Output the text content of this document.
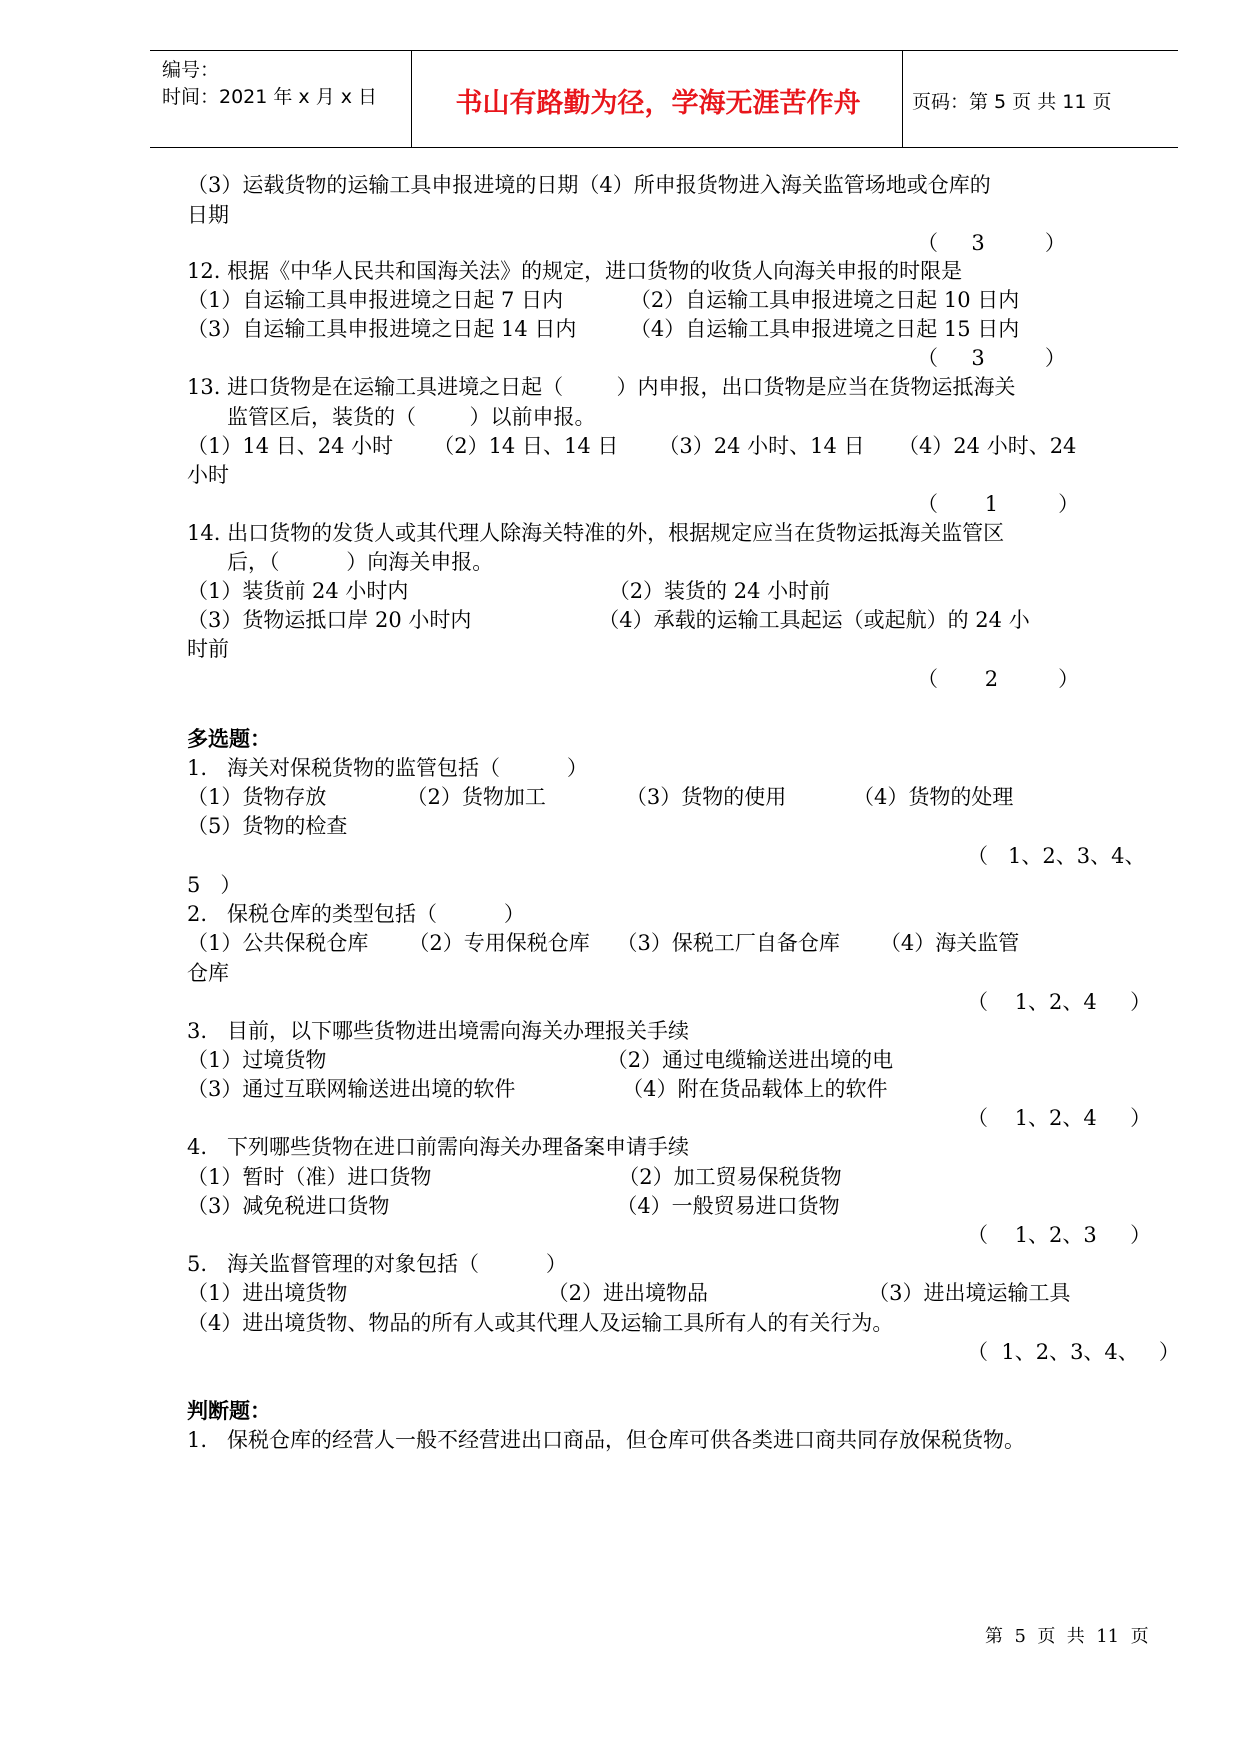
编号：
时间：2021 年 x 月 x 日	书山有路勤为径，学海无涯苦作舟	页码：第 5 页 共 11 页
（3）运载货物的运输工具申报进境的日期（4）所申报货物进入海关监管场地或仓库的
日期
（     3         ）
12. 根据《中华人民共和国海关法》的规定，进口货物的收货人向海关申报的时限是
（1）自运输工具申报进境之日起 7 日内          （2）自运输工具申报进境之日起 10 日内
（3）自运输工具申报进境之日起 14 日内        （4）自运输工具申报进境之日起 15 日内
（     3         ）
13. 进口货物是在运输工具进境之日起（        ）内申报，出口货物是应当在货物运抵海关
监管区后，装货的（        ）以前申报。
（1）14 日、24 小时      （2）14 日、14 日      （3）24 小时、14 日     （4）24 小时、24
小时
（       1         ）
14. 出口货物的发货人或其代理人除海关特准的外，根据规定应当在货物运抵海关监管区
后，（          ）向海关申报。
（1）装货前 24 小时内                              （2）装货的 24 小时前
（3）货物运抵口岸 20 小时内                   （4）承载的运输工具起运（或起航）的 24 小
时前
（       2         ）
多选题：
1.   海关对保税货物的监管包括（          ）
（1）货物存放            （2）货物加工            （3）货物的使用          （4）货物的处理
（5）货物的检查
（   1、2、3、4、
5   ）
2.   保税仓库的类型包括（          ）
（1）公共保税仓库      （2）专用保税仓库    （3）保税工厂自备仓库      （4）海关监管
仓库
（    1、2、4     ）
3.   目前，以下哪些货物进出境需向海关办理报关手续
（1）过境货物                                          （2）通过电缆输送进出境的电
（3）通过互联网输送进出境的软件                （4）附在货品载体上的软件
（    1、2、4     ）
4.   下列哪些货物在进口前需向海关办理备案申请手续
（1）暂时（准）进口货物                            （2）加工贸易保税货物
（3）减免税进口货物                                  （4）一般贸易进口货物
（    1、2、3     ）
5.   海关监督管理的对象包括（          ）
（1）进出境货物                              （2）进出境物品                        （3）进出境运输工具
（4）进出境货物、物品的所有人或其代理人及运输工具所有人的有关行为。
（  1、2、3、4、   ）
判断题：
1.   保税仓库的经营人一般不经营进出口商品，但仓库可供各类进口商共同存放保税货物。
第  5  页  共  11  页
